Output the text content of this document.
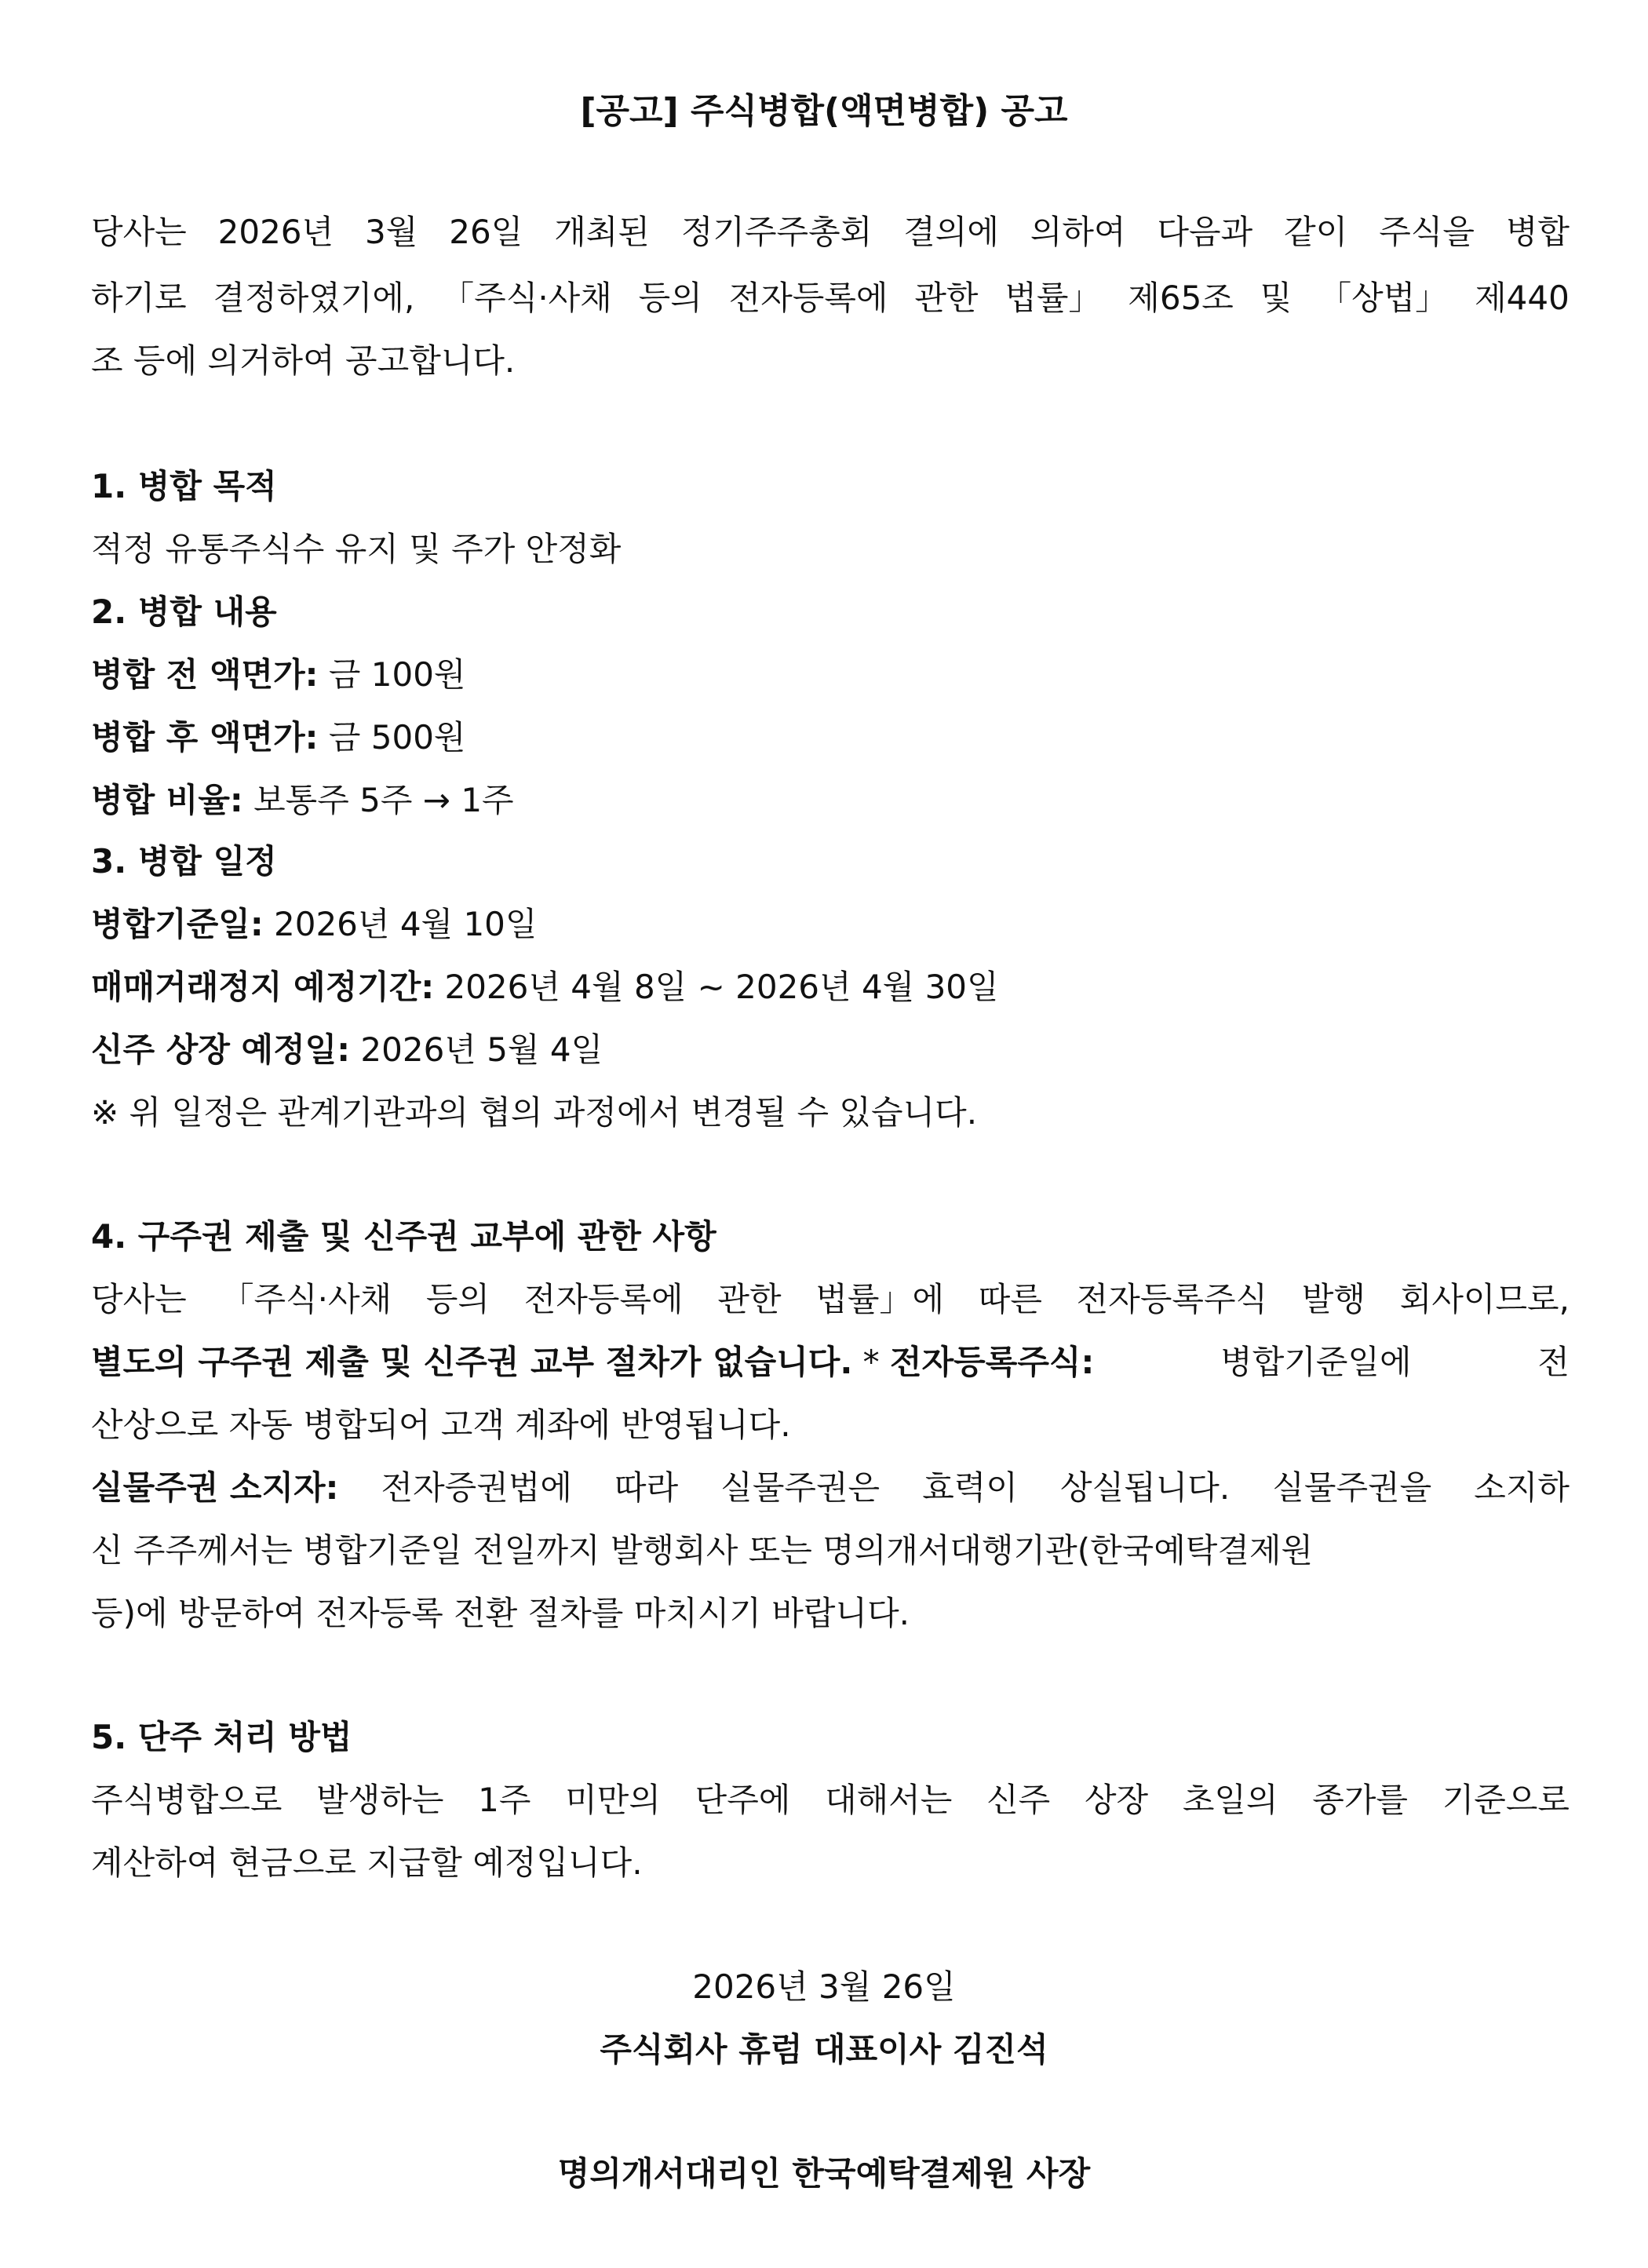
[공고] 주식병합(액면병합) 공고
당사는 2026년 3월 26일 개최된 정기주주총회 결의에 의하여 다음과 같이 주식을 병합
하기로 결정하였기에, 「주식·사채 등의 전자등록에 관한 법률」 제65조 및 「상법」 제440
조 등에 의거하여 공고합니다.
1. 병합 목적
적정 유통주식수 유지 및 주가 안정화
2. 병합 내용
병합 전 액면가: 금 100원
병합 후 액면가: 금 500원
병합 비율: 보통주 5주 → 1주
3. 병합 일정
병합기준일: 2026년 4월 10일
매매거래정지 예정기간: 2026년 4월 8일 ~ 2026년 4월 30일
신주 상장 예정일: 2026년 5월 4일
※ 위 일정은 관계기관과의 협의 과정에서 변경될 수 있습니다.
4. 구주권 제출 및 신주권 교부에 관한 사항
당사는 「주식·사채 등의 전자등록에 관한 법률」에 따른 전자등록주식 발행 회사이므로,
별도의 구주권 제출 및 신주권 교부 절차가 없습니다. * 전자등록주식:	병합기준일에	전
산상으로 자동 병합되어 고객 계좌에 반영됩니다.
실물주권 소지자: 전자증권법에 따라 실물주권은 효력이 상실됩니다. 실물주권을 소지하
신 주주께서는 병합기준일 전일까지 발행회사 또는 명의개서대행기관(한국예탁결제원
등)에 방문하여 전자등록 전환 절차를 마치시기 바랍니다.
5. 단주 처리 방법
주식병합으로 발생하는 1주 미만의 단주에 대해서는 신주 상장 초일의 종가를 기준으로
계산하여 현금으로 지급할 예정입니다.
2026년 3월 26일
주식회사 휴럼 대표이사 김진석
명의개서대리인 한국예탁결제원 사장
